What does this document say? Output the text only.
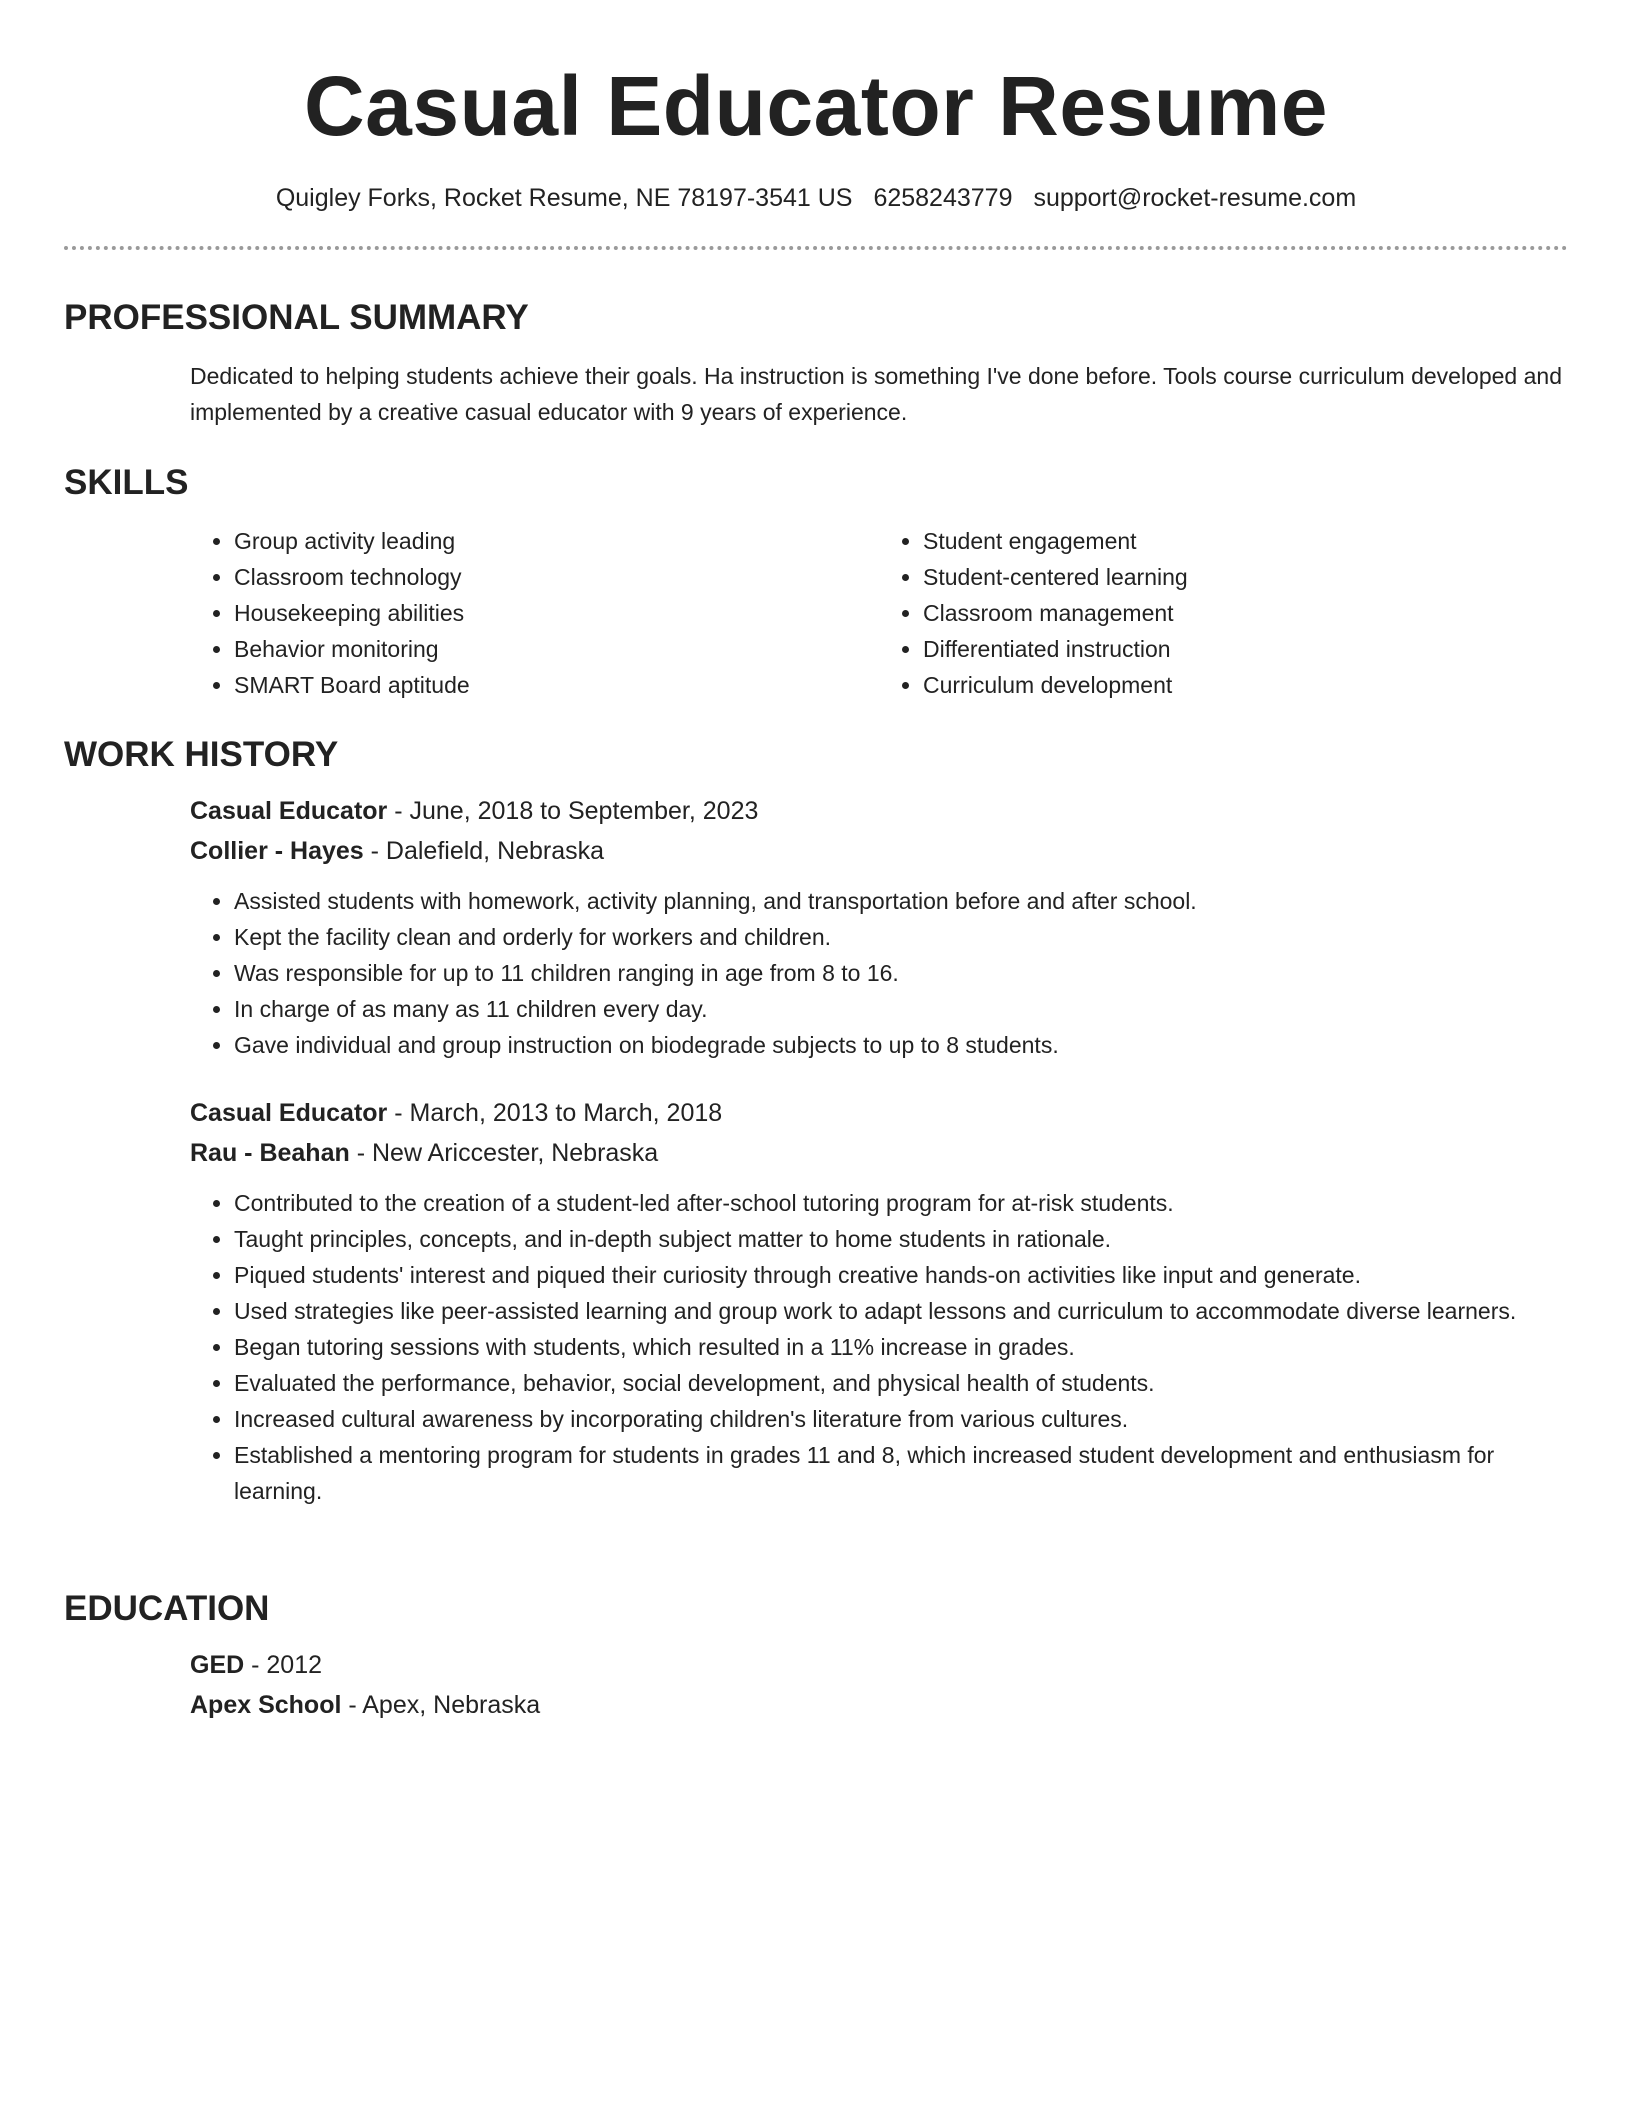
Casual Educator Resume
Quigley Forks, Rocket Resume, NE 78197-3541 US 6258243779 support@rocket-resume.com
PROFESSIONAL SUMMARY
Dedicated to helping students achieve their goals. Ha instruction is something I've done before. Tools course curriculum developed and implemented by a creative casual educator with 9 years of experience.
SKILLS
• Group activity leading
• Classroom technology
• Housekeeping abilities
• Behavior monitoring
• SMART Board aptitude
• Student engagement
• Student-centered learning
• Classroom management
• Differentiated instruction
• Curriculum development
WORK HISTORY
Casual Educator - June, 2018 to September, 2023
Collier - Hayes - Dalefield, Nebraska
• Assisted students with homework, activity planning, and transportation before and after school.
• Kept the facility clean and orderly for workers and children.
• Was responsible for up to 11 children ranging in age from 8 to 16.
• In charge of as many as 11 children every day.
• Gave individual and group instruction on biodegrade subjects to up to 8 students.
Casual Educator - March, 2013 to March, 2018
Rau - Beahan - New Ariccester, Nebraska
• Contributed to the creation of a student-led after-school tutoring program for at-risk students.
• Taught principles, concepts, and in-depth subject matter to home students in rationale.
• Piqued students' interest and piqued their curiosity through creative hands-on activities like input and generate.
• Used strategies like peer-assisted learning and group work to adapt lessons and curriculum to accommodate diverse learners.
• Began tutoring sessions with students, which resulted in a 11% increase in grades.
• Evaluated the performance, behavior, social development, and physical health of students.
• Increased cultural awareness by incorporating children's literature from various cultures.
• Established a mentoring program for students in grades 11 and 8, which increased student development and enthusiasm for learning.
EDUCATION
GED - 2012
Apex School - Apex, Nebraska
